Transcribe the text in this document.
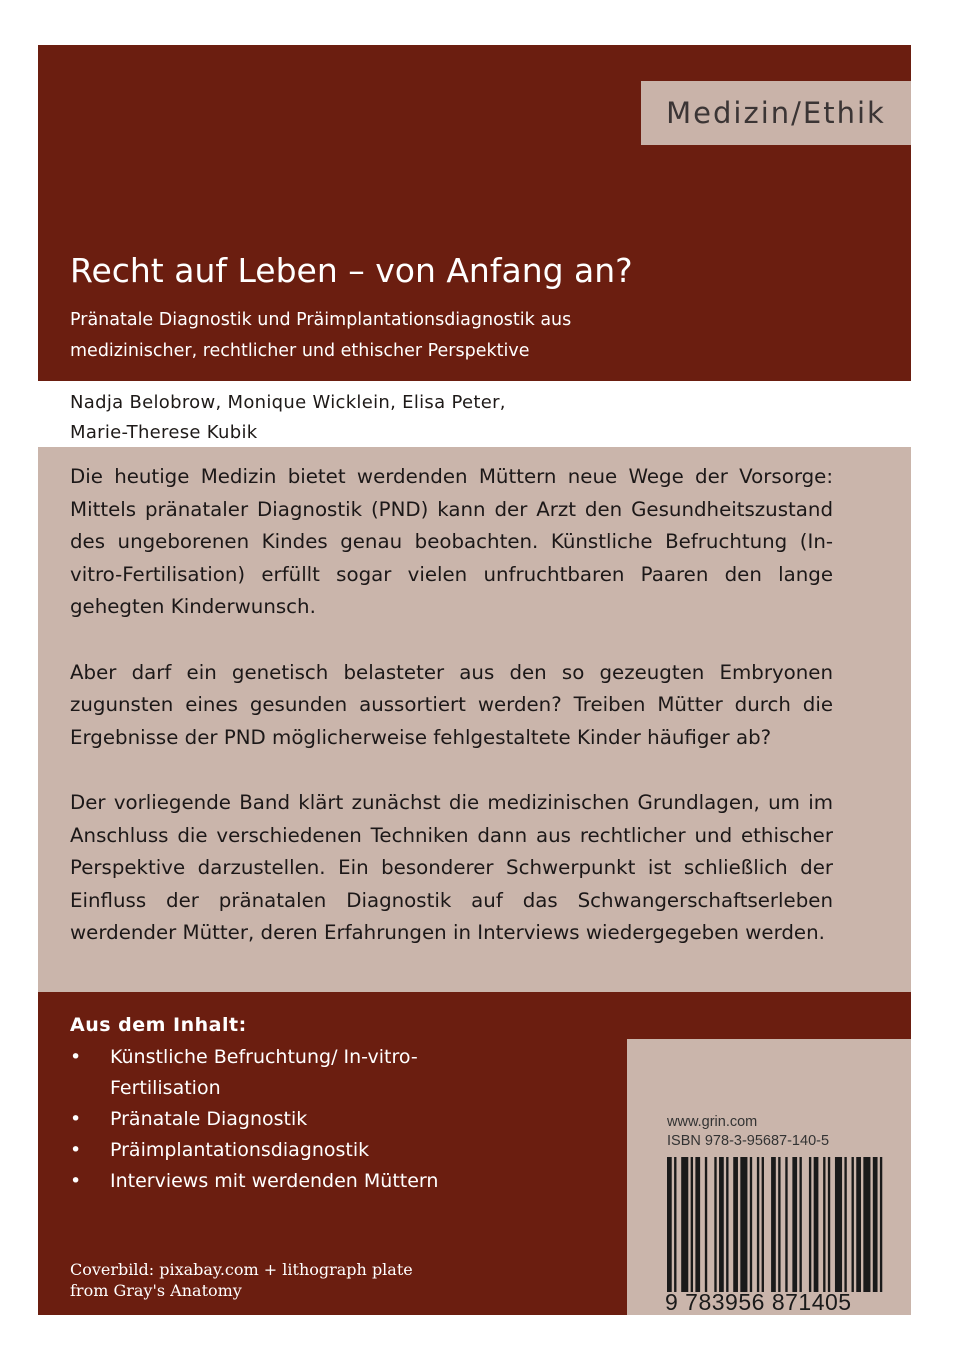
Medizin/Ethik
Recht auf Leben – von Anfang an?
Pränatale Diagnostik und Präimplantationsdiagnostik aus medizinischer, rechtlicher und ethischer Perspektive
Nadja Belobrow, Monique Wicklein, Elisa Peter,
Marie-Therese Kubik

Die heutige Medizin bietet werdenden Müttern neue Wege der Vorsorge: Mittels pränataler Diagnostik (PND) kann der Arzt den Gesundheitszustand des ungeborenen Kindes genau beobachten. Künstliche Befruchtung (In-vitro-Fertilisation) erfüllt sogar vielen unfruchtbaren Paaren den lange gehegten Kinderwunsch.

Aber darf ein genetisch belasteter aus den so gezeugten Embryonen zugunsten eines gesunden aussortiert werden? Treiben Mütter durch die Ergebnisse der PND möglicherweise fehlgestaltete Kinder häufiger ab?

Der vorliegende Band klärt zunächst die medizinischen Grundlagen, um im Anschluss die verschiedenen Techniken dann aus rechtlicher und ethischer Perspektive darzustellen. Ein besonderer Schwerpunkt ist schließlich der Einfluss der pränatalen Diagnostik auf das Schwangerschaftserleben werdender Mütter, deren Erfahrungen in Interviews wiedergegeben werden.

Aus dem Inhalt:
• Künstliche Befruchtung/ In-vitro-Fertilisation
• Pränatale Diagnostik
• Präimplantationsdiagnostik
• Interviews mit werdenden Müttern
Coverbild: pixabay.com + lithograph plate from Gray's Anatomy
www.grin.com
ISBN 978-3-95687-140-5
9 783956 871405
